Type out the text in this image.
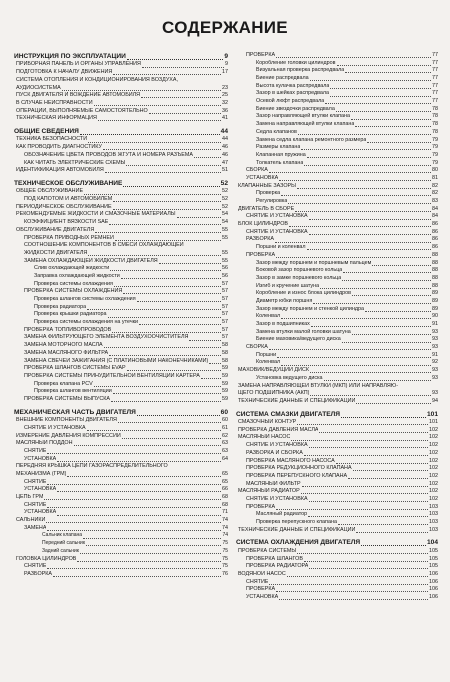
СОДЕРЖАНИЕ
ИНСТРУКЦИЯ ПО ЭКСПЛУАТАЦИИ	9
ПРИБОРНАЯ ПАНЕЛЬ И ОРГАНЫ УПРАВЛЕНИЯ	9
ПОДГОТОВКА К НАЧАЛУ ДВИЖЕНИЯ	17
СИСТЕМА ОТОПЛЕНИЯ И КОНДИЦИОНИРОВАНИЯ ВОЗДУХА,
АУДИОСИСТЕМА	23
ПУСК ДВИГАТЕЛЯ И ВОЖДЕНИЕ АВТОМОБИЛЯ	25
В СЛУЧАЕ НЕИСПРАВНОСТИ	32
ОПЕРАЦИИ, ВЫПОЛНЯЕМЫЕ САМОСТОЯТЕЛЬНО	36
ТЕХНИЧЕСКАЯ ИНФОРМАЦИЯ	41
ОБЩИЕ СВЕДЕНИЯ	44
ТЕХНИКА БЕЗОПАСНОСТИ	44
КАК ПРОВОДИТЬ ДИАГНОСТИКУ	46
ОБОЗНАЧЕНИЕ ЦВЕТА ПРОВОДОВ ЖГУТА И НОМЕРА РАЗЪЕМА	46
КАК ЧИТАТЬ ЭЛЕКТРИЧЕСКИЕ СХЕМЫ	47
ИДЕНТИФИКАЦИЯ АВТОМОБИЛЯ	51
ТЕХНИЧЕСКОЕ ОБСЛУЖИВАНИЕ	52
ОБЩЕЕ ОБСЛУЖИВАНИЕ	52
ПОД КАПОТОМ И АВТОМОБИЛЕМ	52
ПЕРИОДИЧЕСКОЕ ОБСЛУЖИВАНИЕ	52
РЕКОМЕНДУЕМЫЕ ЖИДКОСТИ И СМАЗОЧНЫЕ МАТЕРИАЛЫ	54
КОЭФФИЦИЕНТ ВЯЗКОСТИ SAE	54
ОБСЛУЖИВАНИЕ ДВИГАТЕЛЯ	55
ПРОВЕРКА ПРИВОДНЫХ РЕМНЕЙ	55
СООТНОШЕНИЕ КОМПОНЕНТОВ В СМЕСИ ОХЛАЖДАЮЩЕЙ
ЖИДКОСТИ ДВИГАТЕЛЯ	55
ЗАМЕНА ОХЛАЖДАЮЩЕЙ ЖИДКОСТИ ДВИГАТЕЛЯ	55
Слив охлаждающей жидкости	56
Заправка охлаждающей жидкости	56
Проверка системы охлаждения	57
ПРОВЕРКА СИСТЕМЫ ОХЛАЖДЕНИЯ	57
Проверка шлангов системы охлаждения	57
Проверка радиатора	57
Проверка крышки радиатора	57
Проверка системы охлаждения на утечки	57
ПРОВЕРКА ТОПЛИВОПРОВОДОВ	57
ЗАМЕНА ФИЛЬТРУЮЩЕГО ЭЛЕМЕНТА ВОЗДУХООЧИСТИТЕЛЯ	57
ЗАМЕНА МОТОРНОГО МАСЛА	58
ЗАМЕНА МАСЛЯНОГО ФИЛЬТРА	58
ЗАМЕНА СВЕЧЕЙ ЗАЖИГАНИЯ (С ПЛАТИНОВЫМИ НАКОНЕЧНИКАМИ)	58
ПРОВЕРКА ШЛАНГОВ СИСТЕМЫ EVAP	59
ПРОВЕРКА СИСТЕМЫ ПРИНУДИТЕЛЬНОЙ ВЕНТИЛЯЦИИ КАРТЕРА	59
Проверка клапана PCV	59
Проверка шлангов вентиляции	59
ПРОВЕРКА СИСТЕМЫ ВЫПУСКА	59
МЕХАНИЧЕСКАЯ ЧАСТЬ ДВИГАТЕЛЯ	60
ВНЕШНИЕ КОМПОНЕНТЫ ДВИГАТЕЛЯ	60
СНЯТИЕ И УСТАНОВКА	61
ИЗМЕРЕНИЕ ДАВЛЕНИЯ КОМПРЕССИИ	62
МАСЛЯНЫЙ ПОДДОН	63
СНЯТИЕ	63
УСТАНОВКА	64
ПЕРЕДНЯЯ КРЫШКА ЦЕПИ ГАЗОРАСПРЕДЕЛИТЕЛЬНОГО
МЕХАНИЗМА (ГРМ)	65
СНЯТИЕ	65
УСТАНОВКА	66
ЦЕПЬ ГРМ	68
СНЯТИЕ	68
УСТАНОВКА	71
САЛЬНИКИ	74
ЗАМЕНА	74
Сальник клапана	74
Передний сальник	75
Задний сальник	75
ГОЛОВКА ЦИЛИНДРОВ	75
СНЯТИЕ	75
РАЗБОРКА	76
ПРОВЕРКА	77
Коробление головки цилиндров	77
Визуальная проверка распредвала	77
Биение распредвала	77
Высота кулачка распредвала	77
Зазор в шейках распредвала	77
Осевой люфт распредвала	77
Биение звездочки распредвала	78
Зазор направляющей втулки клапана	78
Замена направляющей втулки клапана	78
Седла клапанов	78
Замена седла клапана ремонтного размера	79
Размеры клапана	79
Клапанная пружина	79
Толкатель клапана	79
СБОРКА	80
УСТАНОВКА	81
КЛАПАННЫЕ ЗАЗОРЫ	82
Проверка	82
Регулировка	83
ДВИГАТЕЛЬ В СБОРЕ	84
СНЯТИЕ И УСТАНОВКА	84
БЛОК ЦИЛИНДРОВ	86
СНЯТИЕ И УСТАНОВКА	86
РАЗБОРКА	86
Поршни и коленвал	86
ПРОВЕРКА	88
Зазор между поршнем и поршневым пальцем	88
Боковой зазор поршневого кольца	88
Зазор в замке поршневого кольца	88
Изгиб и кручение шатуна	88
Коробление и износ блока цилиндров	89
Диаметр юбки поршня	89
Зазор между поршнем и стенкой цилиндра	89
Коленвал	90
Зазор в подшипниках	91
Замена втулки малой головки шатуна	93
Биение маховика/ведущего диска	93
СБОРКА	93
Поршни	91
Коленвал	92
МАХОВИК/ВЕДУЩИЙ ДИСК	93
Установка ведущего диска	93
ЗАМЕНА НАПРАВЛЯЮЩЕЙ ВТУЛКИ (МКП) ИЛИ НАПРАВЛЯЮ-
ЩЕГО ПОДШИПНИКА (АКП)	93
ТЕХНИЧЕСКИЕ ДАННЫЕ И СПЕЦИФИКАЦИИ	94
СИСТЕМА СМАЗКИ ДВИГАТЕЛЯ	101
СМАЗОЧНЫЙ КОНТУР	101
ПРОВЕРКА ДАВЛЕНИЯ МАСЛА	102
МАСЛЯНЫЙ НАСОС	102
СНЯТИЕ И УСТАНОВКА	102
РАЗБОРКА И СБОРКА	102
ПРОВЕРКА МАСЛЯНОГО НАСОСА	102
ПРОВЕРКА РЕДУКЦИОННОГО КЛАПАНА	102
ПРОВЕРКА ПЕРЕПУСКНОГО КЛАПАНА	102
МАСЛЯНЫЙ ФИЛЬТР	102
МАСЛЯНЫЙ РАДИАТОР	102
СНЯТИЕ И УСТАНОВКА	102
ПРОВЕРКА	103
Масляный радиатор	103
Проверка перепускного клапана	103
ТЕХНИЧЕСКИЕ ДАННЫЕ И СПЕЦИФИКАЦИИ	103
СИСТЕМА ОХЛАЖДЕНИЯ ДВИГАТЕЛЯ	104
ПРОВЕРКА СИСТЕМЫ	105
ПРОВЕРКА ШЛАНГОВ	105
ПРОВЕРКА РАДИАТОРА	105
ВОДЯНОЙ НАСОС	106
СНЯТИЕ	106
ПРОВЕРКА	106
УСТАНОВКА	106
